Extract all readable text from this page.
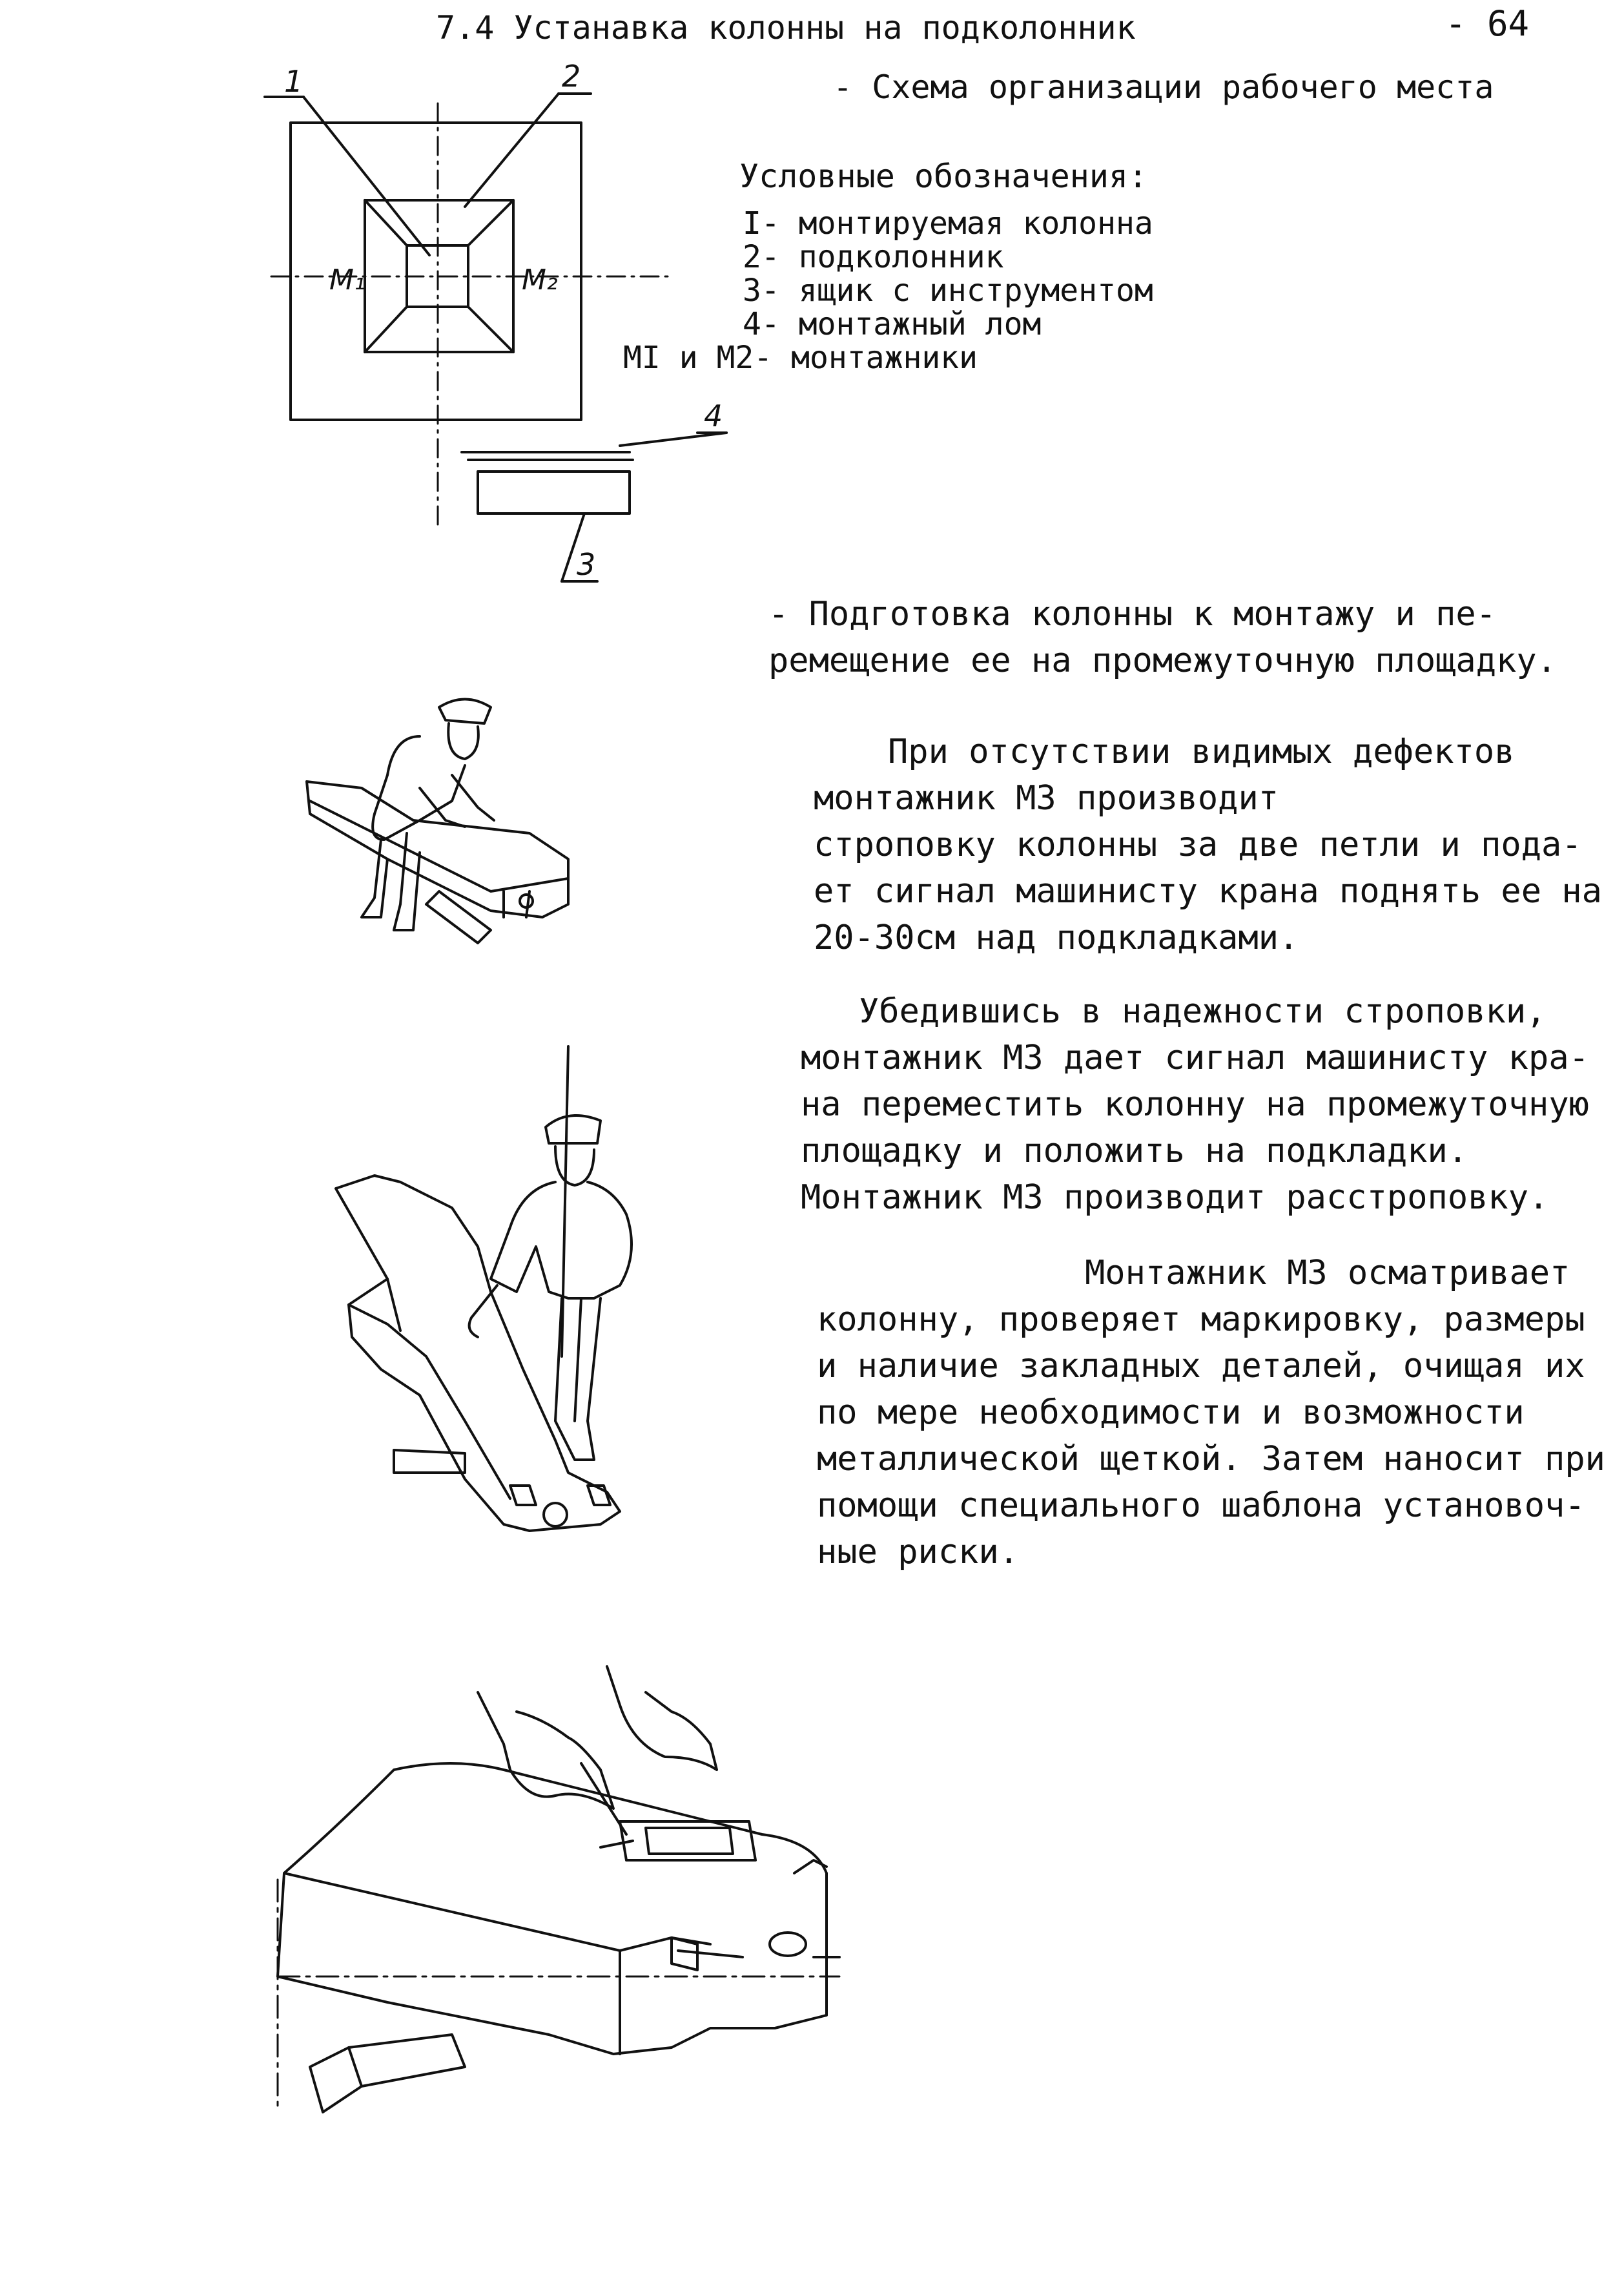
7.4 Устанавка колонны на подколонник	- 64
- Схема организации рабочего места
Условные обозначения:
I- монтируемая колонна
2- подколонник
3- ящик с инструментом
4- монтажный лом
MI и M2- монтажники
- Подготовка колонны к монтажу и пе-
ремещение ее на промежуточную площадку.
При отсутствии видимых дефектов
монтажник МЗ производит
строповку колонны за две петли и пода-
ет сигнал машинисту крана поднять ее на
20-30см над подкладками.
Убедившись в надежности строповки,
монтажник МЗ дает сигнал машинисту кра-
на переместить колонну на промежуточную
площадку и положить на подкладки.
Монтажник МЗ производит расстроповку.
Монтажник МЗ осматривает
колонну, проверяет маркировку, размеры
и наличие закладных деталей, очищая их
по мере необходимости и возможности
металлической щеткой. Затем наносит при
помощи специального шаблона установоч-
ные риски.
1	2
3
4
M₁	M₂
